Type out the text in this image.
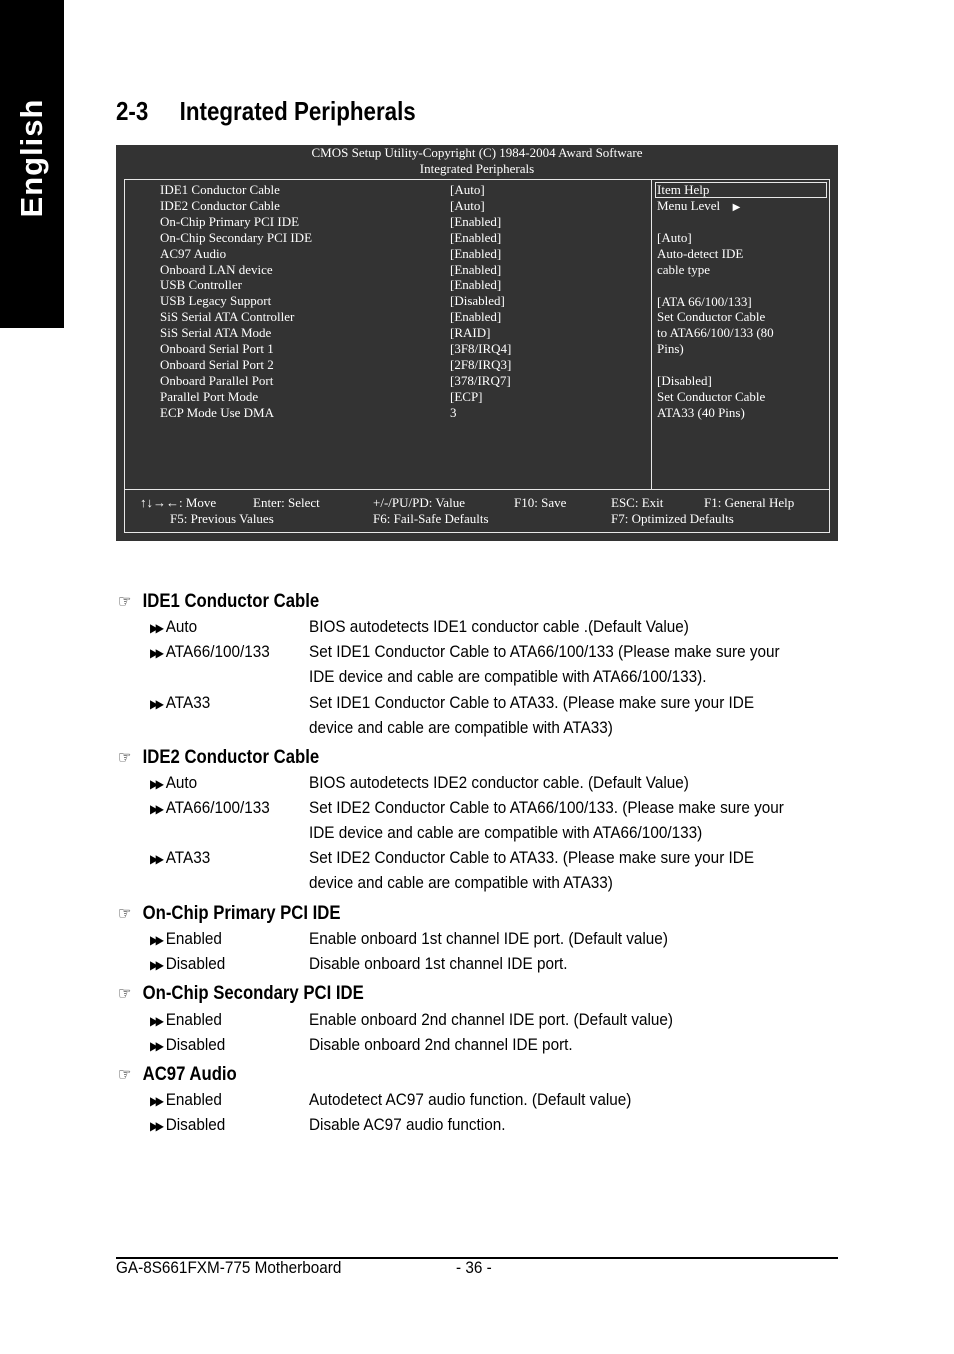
English	2-3 Integrated Peripherals
CMOS Setup Utility-Copyright (C) 1984-2004 Award Software
Integrated Peripherals
IDE1 Conductor Cable	[Auto]
IDE2 Conductor Cable	[Auto]
On-Chip Primary PCI IDE	[Enabled]
On-Chip Secondary PCI IDE	[Enabled]
AC97 Audio	[Enabled]
Onboard LAN device	[Enabled]
USB Controller	[Enabled]
USB Legacy Support	[Disabled]
SiS Serial ATA Controller	[Enabled]
SiS Serial ATA Mode	[RAID]
Onboard Serial Port 1	[3F8/IRQ4]
Onboard Serial Port 2	[2F8/IRQ3]
Onboard Parallel Port	[378/IRQ7]
Parallel Port Mode	[ECP]
ECP Mode Use DMA	3
Item Help
Menu Level ▶
[Auto]
Auto-detect IDE
cable type
[ATA 66/100/133]
Set Conductor Cable
to ATA66/100/133 (80
Pins)
[Disabled]
Set Conductor Cable
ATA33 (40 Pins)
↑↓→←: Move	Enter: Select	+/-/PU/PD: Value	F10: Save	ESC: Exit	F1: General Help
F5: Previous Values	F6: Fail-Safe Defaults	F7: Optimized Defaults
☞ IDE1 Conductor Cable
▶▶ Auto	BIOS autodetects IDE1 conductor cable .(Default Value)
▶▶ ATA66/100/133 Set IDE1 Conductor Cable to ATA66/100/133 (Please make sure your
IDE device and cable are compatible with ATA66/100/133).
▶▶ ATA33	Set IDE1 Conductor Cable to ATA33. (Please make sure your IDE
device and cable are compatible with ATA33)
☞ IDE2 Conductor Cable
▶▶ Auto	BIOS autodetects IDE2 conductor cable. (Default Value)
▶▶ ATA66/100/133 Set IDE2 Conductor Cable to ATA66/100/133. (Please make sure your
IDE device and cable are compatible with ATA66/100/133)
▶▶ ATA33	Set IDE2 Conductor Cable to ATA33. (Please make sure your IDE
device and cable are compatible with ATA33)
☞ On-Chip Primary PCI IDE
▶▶ Enabled	Enable onboard 1st channel IDE port. (Default value)
▶▶ Disabled	Disable onboard 1st channel IDE port.
☞ On-Chip Secondary PCI IDE
▶▶ Enabled	Enable onboard 2nd channel IDE port. (Default value)
▶▶ Disabled	Disable onboard 2nd channel IDE port.
☞ AC97 Audio
▶▶ Enabled	Autodetect AC97 audio function. (Default value)
▶▶ Disabled	Disable AC97 audio function.
GA-8S661FXM-775 Motherboard	- 36 -
